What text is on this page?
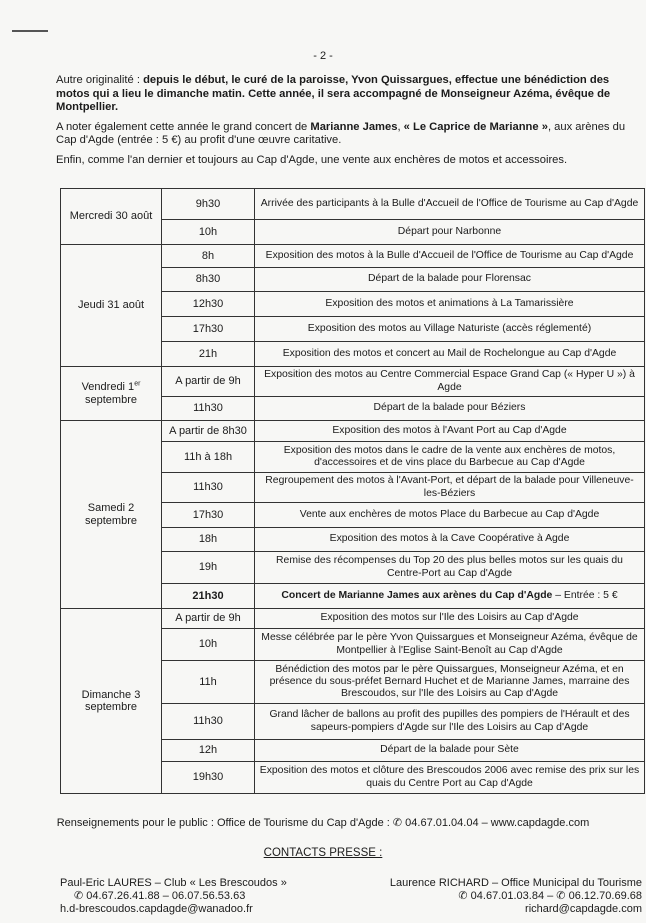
- 2 -

Autre originalité : depuis le début, le curé de la paroisse, Yvon Quissargues, effectue une bénédiction des motos qui a lieu le dimanche matin. Cette année, il sera accompagné de Monseigneur Azéma, évêque de Montpellier.

A noter également cette année le grand concert de Marianne James, « Le Caprice de Marianne », aux arènes du Cap d'Agde (entrée : 5 €) au profit d'une œuvre caritative.

Enfin, comme l'an dernier et toujours au Cap d'Agde, une vente aux enchères de motos et accessoires.

Mercredi 30 août	9h30	Arrivée des participants à la Bulle d'Accueil de l'Office de Tourisme au Cap d'Agde
	10h	Départ pour Narbonne
Jeudi 31 août	8h	Exposition des motos à la Bulle d'Accueil de l'Office de Tourisme au Cap d'Agde
	8h30	Départ de la balade pour Florensac
	12h30	Exposition des motos et animations à La Tamarissière
	17h30	Exposition des motos au Village Naturiste (accès réglementé)
	21h	Exposition des motos et concert au Mail de Rochelongue au Cap d'Agde
Vendredi 1er
septembre	A partir de 9h	Exposition des motos au Centre Commercial Espace Grand Cap (« Hyper U ») à Agde
	11h30	Départ de la balade pour Béziers
Samedi 2 septembre	A partir de 8h30	Exposition des motos à l'Avant Port au Cap d'Agde
	11h à 18h	Exposition des motos dans le cadre de la vente aux enchères de motos, d'accessoires et de vins place du Barbecue au Cap d'Agde
	11h30	Regroupement des motos à l'Avant-Port, et départ de la balade pour Villeneuve-les-Béziers
	17h30	Vente aux enchères de motos Place du Barbecue au Cap d'Agde
	18h	Exposition des motos à la Cave Coopérative à Agde
	19h	Remise des récompenses du Top 20 des plus belles motos sur les quais du Centre-Port au Cap d'Agde
	21h30	Concert de Marianne James aux arènes du Cap d'Agde – Entrée : 5 €
Dimanche 3 septembre	A partir de 9h	Exposition des motos sur l'Ile des Loisirs au Cap d'Agde
	10h	Messe célébrée par le père Yvon Quissargues et Monseigneur Azéma, évêque de Montpellier à l'Eglise Saint-Benoît au Cap d'Agde
	11h	Bénédiction des motos par le père Quissargues, Monseigneur Azéma, et en présence du sous-préfet Bernard Huchet et de Marianne James, marraine des Brescoudos, sur l'Ile des Loisirs au Cap d'Agde
	11h30	Grand lâcher de ballons au profit des pupilles des pompiers de l'Hérault et des sapeurs-pompiers d'Agde sur l'Ile des Loisirs au Cap d'Agde
	12h	Départ de la balade pour Sète
	19h30	Exposition des motos et clôture des Brescoudos 2006 avec remise des prix sur les quais du Centre Port au Cap d'Agde
Renseignements pour le public : Office de Tourisme du Cap d'Agde : ✆ 04.67.01.04.04 – www.capdagde.com
CONTACTS PRESSE :
Paul-Eric LAURES – Club « Les Brescoudos »
✆ 04.67.26.41.88 – 06.07.56.53.63
h.d-brescoudos.capdagde@wanadoo.fr
Laurence RICHARD – Office Municipal du Tourisme
✆ 04.67.01.03.84 – ✆ 06.12.70.69.68
richard@capdagde.com
